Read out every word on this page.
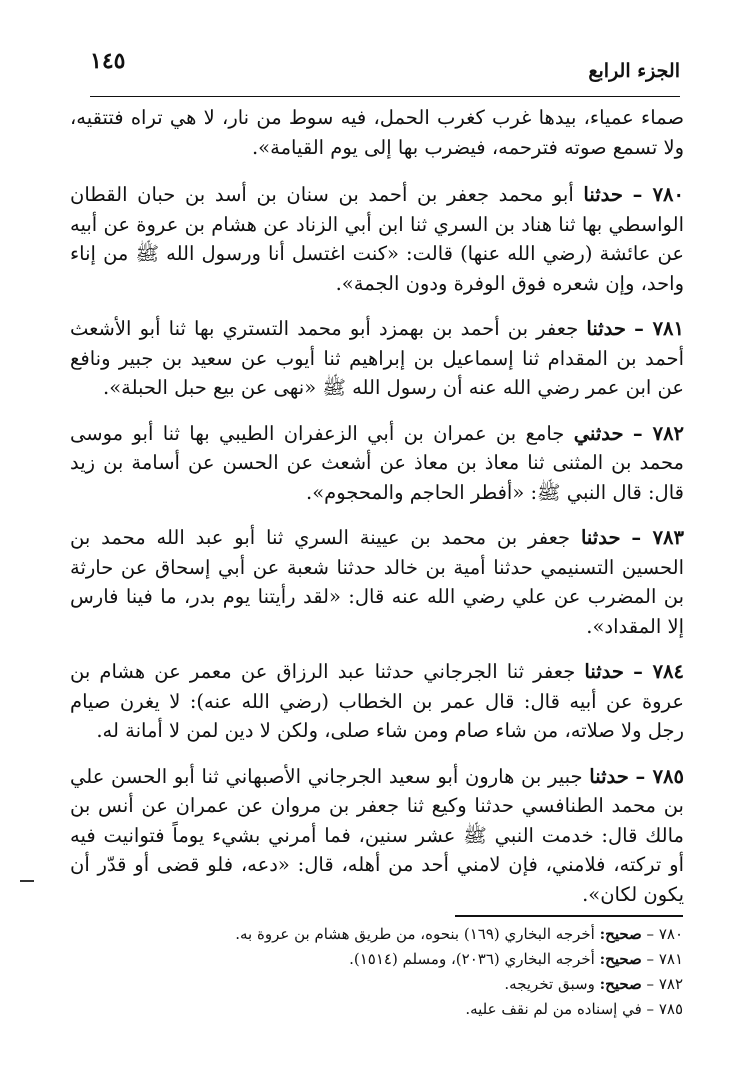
١٤٥	الجزء الرابع

صماء عمياء، بيدها غرب كغرب الحمل، فيه سوط من نار، لا هي تراه فتتقيه، ولا تسمع صوته فترحمه، فيضرب بها إلى يوم القيامة».

٧٨٠ – حدثنا أبو محمد جعفر بن أحمد بن سنان بن أسد بن حبان القطان الواسطي بها ثنا هناد بن السري ثنا ابن أبي الزناد عن هشام بن عروة عن أبيه عن عائشة (رضي الله عنها) قالت: «كنت اغتسل أنا ورسول الله ﷺ من إناء واحد، وإن شعره فوق الوفرة ودون الجمة».

٧٨١ – حدثنا جعفر بن أحمد بن بهمزد أبو محمد التستري بها ثنا أبو الأشعث أحمد بن المقدام ثنا إسماعيل بن إبراهيم ثنا أيوب عن سعيد بن جبير ونافع عن ابن عمر رضي الله عنه أن رسول الله ﷺ «نهى عن بيع حبل الحبلة».

٧٨٢ – حدثني جامع بن عمران بن أبي الزعفران الطيبي بها ثنا أبو موسى محمد بن المثنى ثنا معاذ بن معاذ عن أشعث عن الحسن عن أسامة بن زيد قال: قال النبي ﷺ: «أفطر الحاجم والمحجوم».

٧٨٣ – حدثنا جعفر بن محمد بن عيينة السري ثنا أبو عبد الله محمد بن الحسين التسنيمي حدثنا أمية بن خالد حدثنا شعبة عن أبي إسحاق عن حارثة بن المضرب عن علي رضي الله عنه قال: «لقد رأيتنا يوم بدر، ما فينا فارس إلا المقداد».

٧٨٤ – حدثنا جعفر ثنا الجرجاني حدثنا عبد الرزاق عن معمر عن هشام بن عروة عن أبيه قال: قال عمر بن الخطاب (رضي الله عنه): لا يغرن صيام رجل ولا صلاته، من شاء صام ومن شاء صلى، ولكن لا دين لمن لا أمانة له.

٧٨٥ – حدثنا جبير بن هارون أبو سعيد الجرجاني الأصبهاني ثنا أبو الحسن علي بن محمد الطنافسي حدثنا وكيع ثنا جعفر بن مروان عن عمران عن أنس بن مالك قال: خدمت النبي ﷺ عشر سنين، فما أمرني بشيء يوماً فتوانيت فيه أو تركته، فلامني، فإن لامني أحد من أهله، قال: «دعه، فلو قضى أو قدّر أن يكون لكان».

٧٨٠ – صحيح: أخرجه البخاري (١٦٩) بنحوه، من طريق هشام بن عروة به.

٧٨١ – صحيح: أخرجه البخاري (٢٠٣٦)، ومسلم (١٥١٤).

٧٨٢ – صحيح: وسبق تخريجه.

٧٨٥ – في إسناده من لم نقف عليه.
